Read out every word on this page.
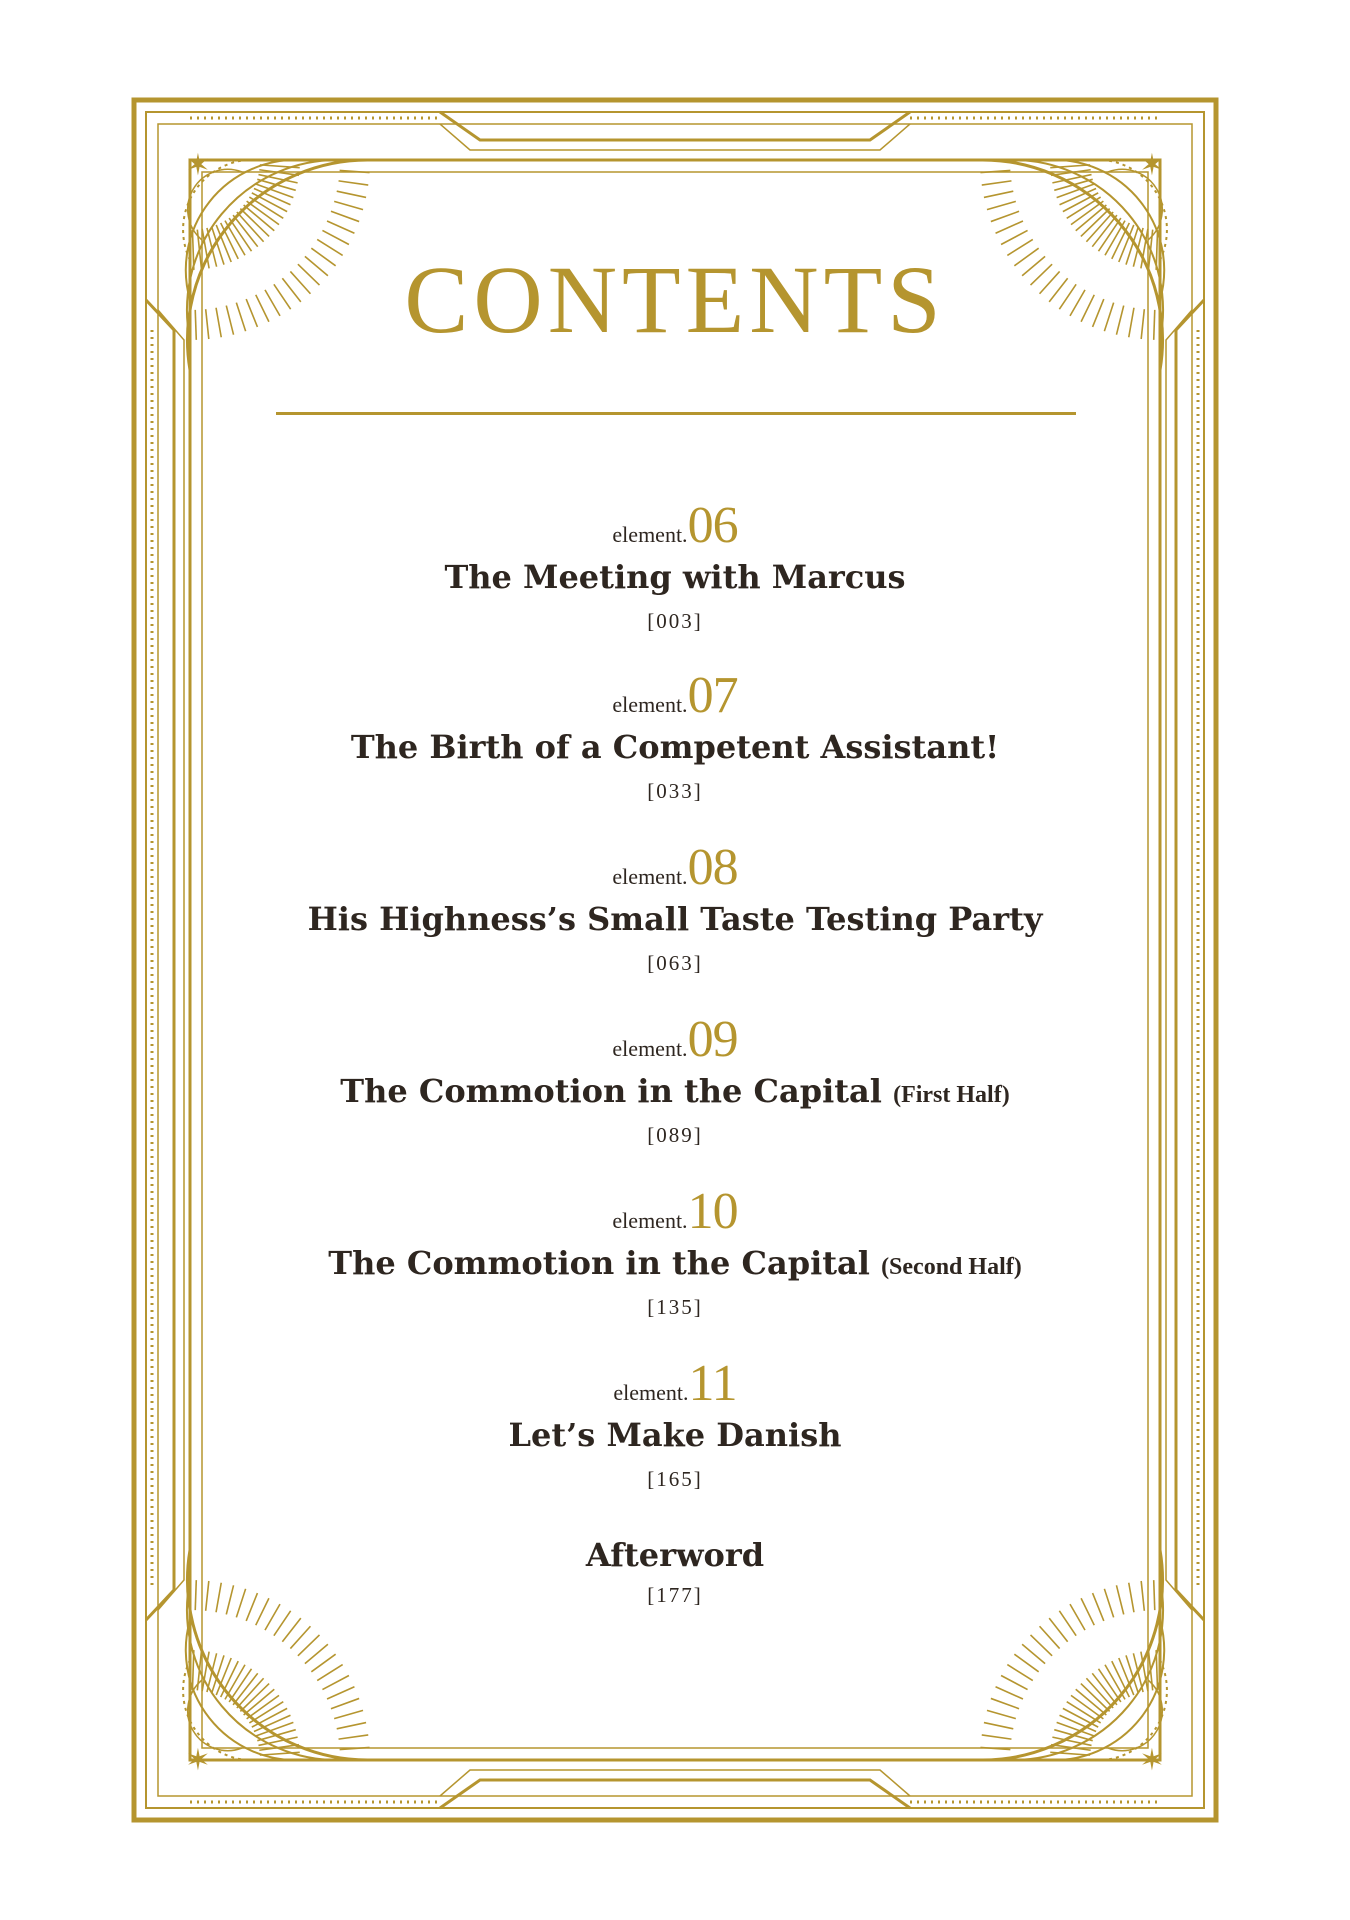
✶	✶
✶	✶
CONTENTS
element.06
The Meeting with Marcus
[003]
element.07
The Birth of a Competent Assistant!
[033]
element.08
His Highness’s Small Taste Testing Party
[063]
element.09
The Commotion in the Capital (First Half)
[089]
element.10
The Commotion in the Capital (Second Half)
[135]
element.11
Let’s Make Danish
[165]
Afterword
[177]
